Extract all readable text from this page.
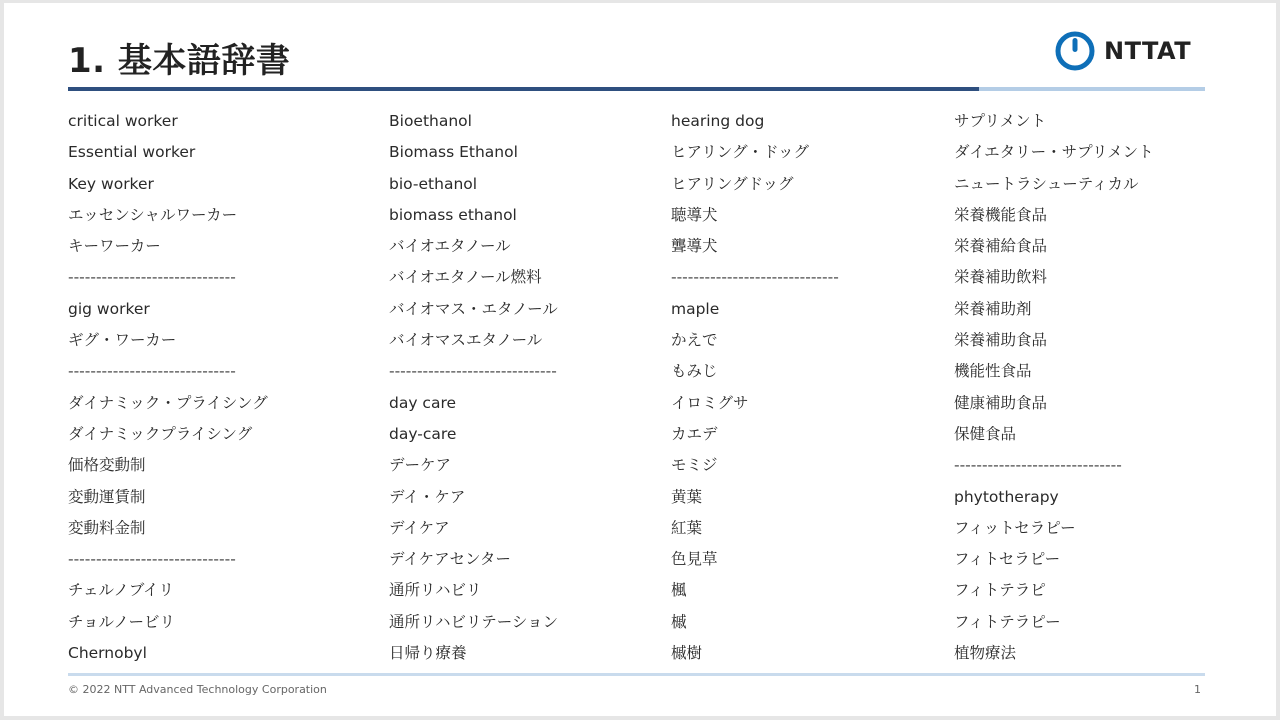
1. 基本語辞書	NTTAT
critical worker
Essential worker
Key worker
エッセンシャルワーカー
キーワーカー
------------------------------
gig worker
ギグ・ワーカー
------------------------------
ダイナミック・プライシング
ダイナミックプライシング
価格変動制
変動運賃制
変動料金制
------------------------------
チェルノブイリ
チョルノービリ
Chernobyl
Bioethanol
Biomass Ethanol
bio-ethanol
biomass ethanol
バイオエタノール
バイオエタノール燃料
バイオマス・エタノール
バイオマスエタノール
------------------------------
day care
day-care
デーケア
デイ・ケア
デイケア
デイケアセンター
通所リハビリ
通所リハビリテーション
日帰り療養
hearing dog
ヒアリング・ドッグ
ヒアリングドッグ
聴導犬
聾導犬
------------------------------
maple
かえで
もみじ
イロミグサ
カエデ
モミジ
黄葉
紅葉
色見草
楓
槭
槭樹
サプリメント
ダイエタリー・サプリメント
ニュートラシューティカル
栄養機能食品
栄養補給食品
栄養補助飲料
栄養補助剤
栄養補助食品
機能性食品
健康補助食品
保健食品
------------------------------
phytotherapy
フィットセラピー
フィトセラピー
フィトテラピ
フィトテラピー
植物療法
© 2022 NTT Advanced Technology Corporation	1
